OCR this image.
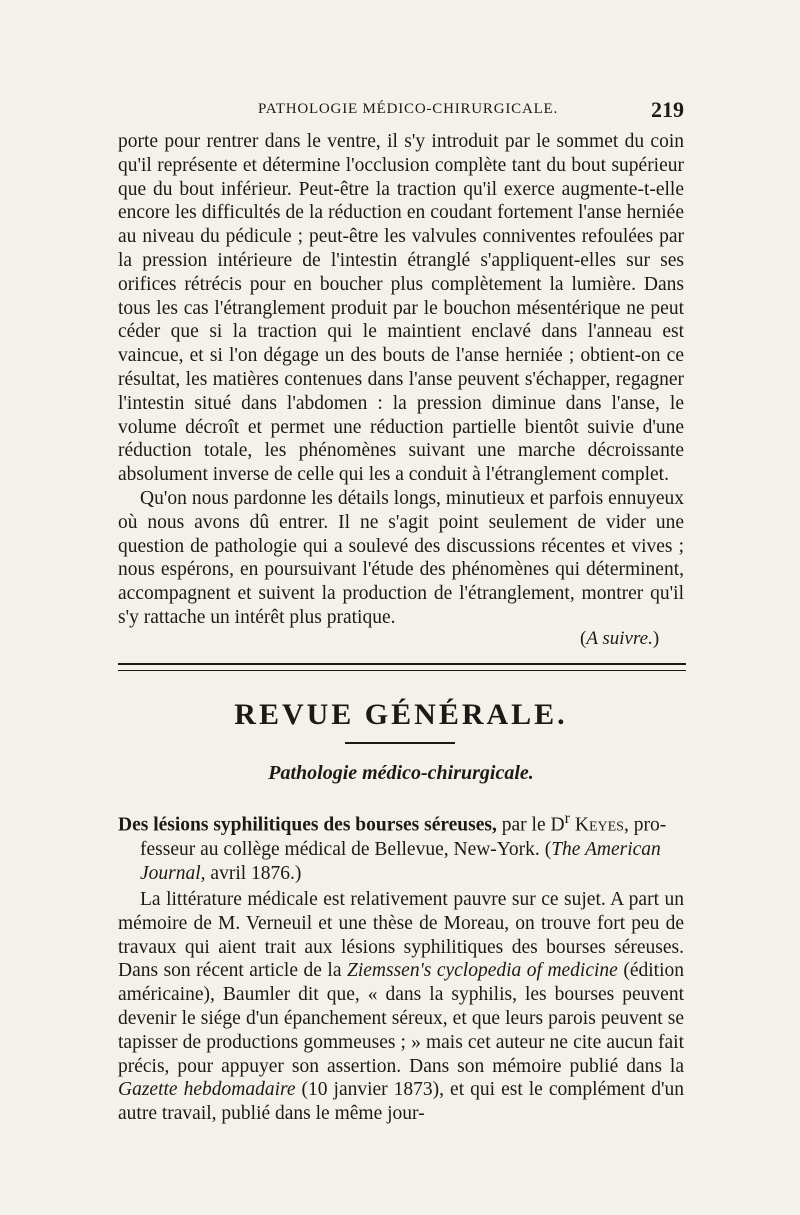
PATHOLOGIE MÉDICO-CHIRURGICALE.	219

porte pour rentrer dans le ventre, il s'y introduit par le sommet du coin qu'il représente et détermine l'occlusion complète tant du bout supérieur que du bout inférieur. Peut-être la traction qu'il exerce augmente-t-elle encore les difficultés de la réduction en coudant fortement l'anse herniée au niveau du pédicule ; peut-être les valvules conniventes refoulées par la pression intérieure de l'intestin étranglé s'appliquent-elles sur ses orifices rétrécis pour en boucher plus complètement la lumière. Dans tous les cas l'étranglement produit par le bouchon mésentérique ne peut céder que si la traction qui le maintient enclavé dans l'anneau est vaincue, et si l'on dégage un des bouts de l'anse herniée ; obtient-on ce résultat, les matières contenues dans l'anse peuvent s'échapper, regagner l'intestin situé dans l'abdomen : la pression diminue dans l'anse, le volume décroît et permet une réduction partielle bientôt suivie d'une réduction totale, les phénomènes suivant une marche décroissante absolument inverse de celle qui les a conduit à l'étranglement complet.

Qu'on nous pardonne les détails longs, minutieux et parfois ennuyeux où nous avons dû entrer. Il ne s'agit point seulement de vider une question de pathologie qui a soulevé des discussions récentes et vives ; nous espérons, en poursuivant l'étude des phénomènes qui déterminent, accompagnent et suivent la production de l'étranglement, montrer qu'il s'y rattache un intérêt plus pratique.

(A suivre.)
REVUE GÉNÉRALE.
Pathologie médico-chirurgicale.
Des lésions syphilitiques des bourses séreuses, par le $D^r$ Keyes, pro-
fesseur au collège médical de Bellevue, New-York. (The American Journal, avril 1876.)

La littérature médicale est relativement pauvre sur ce sujet. A part un mémoire de M. Verneuil et une thèse de Moreau, on trouve fort peu de travaux qui aient trait aux lésions syphilitiques des bourses séreuses. Dans son récent article de la Ziemssen's cyclopedia of medicine (édition américaine), Baumler dit que, « dans la syphilis, les bourses peuvent devenir le siége d'un épanchement séreux, et que leurs parois peuvent se tapisser de productions gommeuses ; » mais cet auteur ne cite aucun fait précis, pour appuyer son assertion. Dans son mémoire publié dans la Gazette hebdomadaire (10 janvier 1873), et qui est le complément d'un autre travail, publié dans le même jour-
